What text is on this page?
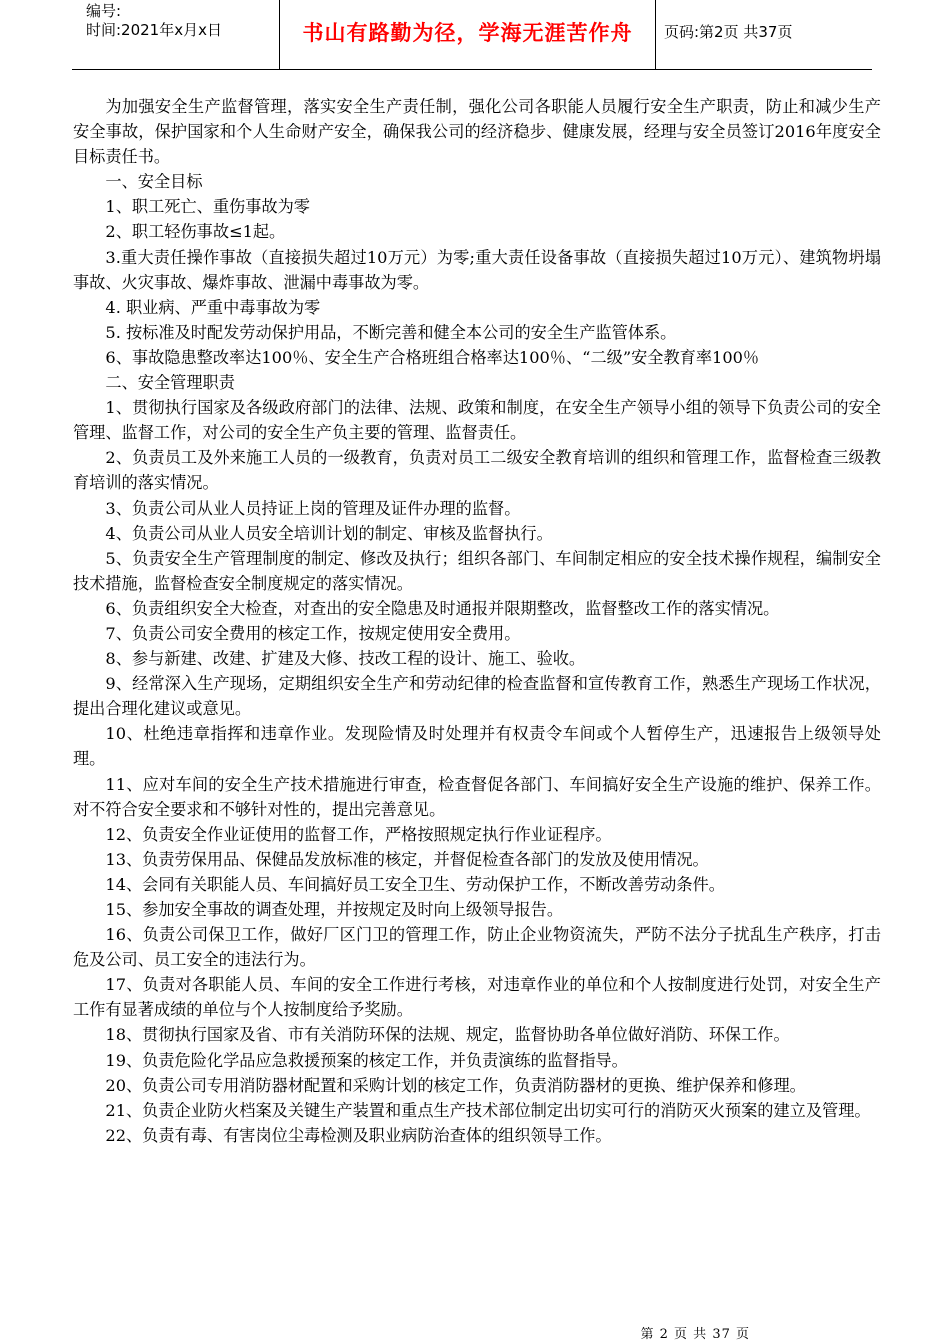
编号:
时间:2021年x月x日	书山有路勤为径，学海无涯苦作舟 页码:第2页 共37页

为加强安全生产监督管理，落实安全生产责任制，强化公司各职能人员履行安全生产职责，防止和减少生产安全事故，保护国家和个人生命财产安全，确保我公司的经济稳步、健康发展，经理与安全员签订2016年度安全目标责任书。

一、安全目标

1、职工死亡、重伤事故为零

2、职工轻伤事故≤1起。

3.重大责任操作事故（直接损失超过10万元）为零;重大责任设备事故（直接损失超过10万元）、建筑物坍塌事故、火灾事故、爆炸事故、泄漏中毒事故为零。

4. 职业病、严重中毒事故为零

5. 按标准及时配发劳动保护用品，不断完善和健全本公司的安全生产监管体系。

6、事故隐患整改率达100％、安全生产合格班组合格率达100％、“二级”安全教育率100％

二、安全管理职责

1、贯彻执行国家及各级政府部门的法律、法规、政策和制度，在安全生产领导小组的领导下负责公司的安全管理、监督工作，对公司的安全生产负主要的管理、监督责任。

2、负责员工及外来施工人员的一级教育，负责对员工二级安全教育培训的组织和管理工作，监督检查三级教育培训的落实情况。

3、负责公司从业人员持证上岗的管理及证件办理的监督。

4、负责公司从业人员安全培训计划的制定、审核及监督执行。

5、负责安全生产管理制度的制定、修改及执行；组织各部门、车间制定相应的安全技术操作规程，编制安全技术措施，监督检查安全制度规定的落实情况。

6、负责组织安全大检查，对查出的安全隐患及时通报并限期整改，监督整改工作的落实情况。

7、负责公司安全费用的核定工作，按规定使用安全费用。

8、参与新建、改建、扩建及大修、技改工程的设计、施工、验收。

9、经常深入生产现场，定期组织安全生产和劳动纪律的检查监督和宣传教育工作，熟悉生产现场工作状况，提出合理化建议或意见。

10、杜绝违章指挥和违章作业。发现险情及时处理并有权责令车间或个人暂停生产，迅速报告上级领导处理。

11、应对车间的安全生产技术措施进行审查，检查督促各部门、车间搞好安全生产设施的维护、保养工作。对不符合安全要求和不够针对性的，提出完善意见。

12、负责安全作业证使用的监督工作，严格按照规定执行作业证程序。

13、负责劳保用品、保健品发放标准的核定，并督促检查各部门的发放及使用情况。

14、会同有关职能人员、车间搞好员工安全卫生、劳动保护工作，不断改善劳动条件。

15、参加安全事故的调查处理，并按规定及时向上级领导报告。

16、负责公司保卫工作，做好厂区门卫的管理工作，防止企业物资流失，严防不法分子扰乱生产秩序，打击危及公司、员工安全的违法行为。

17、负责对各职能人员、车间的安全工作进行考核，对违章作业的单位和个人按制度进行处罚，对安全生产工作有显著成绩的单位与个人按制度给予奖励。

18、贯彻执行国家及省、市有关消防环保的法规、规定，监督协助各单位做好消防、环保工作。

19、负责危险化学品应急救援预案的核定工作，并负责演练的监督指导。

20、负责公司专用消防器材配置和采购计划的核定工作，负责消防器材的更换、维护保养和修理。

21、负责企业防火档案及关键生产装置和重点生产技术部位制定出切实可行的消防灭火预案的建立及管理。

22、负责有毒、有害岗位尘毒检测及职业病防治查体的组织领导工作。

第 2 页 共 37 页
